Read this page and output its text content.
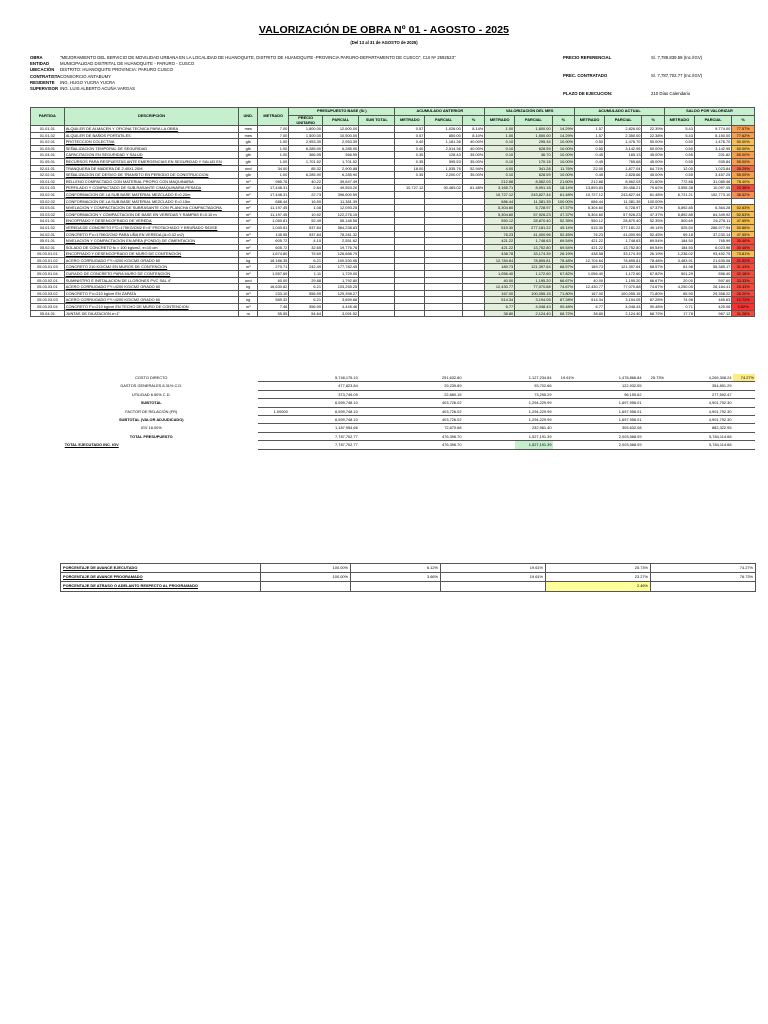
VALORIZACIÓN DE OBRA Nº 01 - AGOSTO - 2025
(Del 13 al 31 de AGOSTO de 2025)
OBRA	"MEJORAMIENTO DEL SERVICIO DE MOVILIDAD URBANA EN LA LOCALIDAD DE HUANOQUITE, DISTRITO DE HUANOQUITE -PROVINCIA PARURO-DEPARTAMENTO DE CUSCO", CUI Nº 2592523"
ENTIDAD	MUNICIPALIDAD DISTRITAL DE HUANOQUITE - PARURO - CUSCO
UBICACIÓN DISTRITO: HUANOQUITE PROVINCIA: PARURO CUSCO
CONTRATISTACONSORCIO ANTABUMY
RESIDENTE ING. HUGO YUCRA YUCRA
SUPERVISOR ING. LUIS ALBERTO ACUÑA VARGAS
PRECIO REFERENCIAL	S/. 7,789,839.58 (Inc./IGV)
PREC. CONTRATADO	S/. 7,787,702.77 (Inc./IGV)
PLAZO DE EJECUCION:	210 Días Calendario
PARTIDA	DESCRIPCIÓN	UND.	METRADO	PRESUPUESTO BASE (S/.)			ACUMULADO ANTERIOR			VALORIZACIÓN DEL MES			ACUMULADO ACTUAL			SALDO POR VALORIZAR		
				PRECIO UNITARIO	PARCIAL	SUB TOTAL	METRADO	PARCIAL	%	METRADO	PARCIAL	%	METRADO	PARCIAL	%	METRADO	PARCIAL	%
01.01.01	ALQUILER DE ALMACEN Y OFICINA TECNICA PARA LA OBRA	mes	7.00	1,800.00	12,600.00		0.57	1,026.00	8.14%	1.00	1,800.00	14.29%	1.57	2,826.00	22.39%	5.43	9,774.00	77.57%
01.01.02	ALQUILER DE BAÑOS PORTATILES	mes	7.00	1,500.00	10,500.00		0.57	850.00	8.10%	1.00	1,500.00	14.29%	1.57	2,350.00	22.38%	5.43	8,150.00	77.62%
01.02.01	PROTECCION COLECTIVA	glb	1.00	2,953.39	2,953.39		0.40	1,181.36	40.00%	0.10	295.34	10.00%	0.50	1,476.70	50.00%	0.50	1,476.70	50.00%
01.03.01	SEÑALIZACION TEMPORAL DE SEGURIDAD	glb	1.00	6,285.90	6,285.90		0.40	2,514.36	40.00%	0.10	628.59	10.00%	0.50	3,142.95	50.00%	0.50	3,142.95	50.00%
01.04.01	CAPACITACION EN SEGURIDAD Y SALUD	glb	1.00	366.95	366.95		0.35	128.43	35.00%	0.10	36.70	10.00%	0.45	165.13	45.00%	0.55	201.82	55.00%
01.05.01	RECURSOS PARA RESPUESTAS ANTE EMERGENCIAS EN SEGURIDAD Y SALUD EN	glb	1.00	1,701.52	1,701.52		0.35	595.53	35.00%	0.10	170.15	10.00%	0.45	765.68	45.00%	0.55	935.84	55.00%
02.01.01	TRANQUERA DE MADERA DE 2.40X1.20M	und	34.00	85.32	2,900.88		18.00	1,535.76	52.94%	4.00	341.28	11.76%	22.00	1,877.04	64.71%	12.00	1,023.84	35.29%
02.02.01	SEÑALIZACION DE DESVIO DE TRANSITO EN PERIODO DE CONSTRUCCION	glb	1.00	6,285.90	6,285.90		0.35	2,200.07	35.00%	0.10	628.59	10.00%	0.45	2,828.66	45.00%	0.55	3,457.25	55.00%
03.01.02	RELLENO COMPACTADO CON MATERIAL PROPIO CON MAQUINARIA	m³	985.76	40.22	39,647.49					212.88	8,562.03	21.60%	212.88	8,562.03	21.60%	772.88	31,085.46	78.40%
03.01.03	PERFILADO Y COMPACTADO DE SUB-RASANTE C/MAQUINARIA PESADA	m²	17,448.31	2.84	49,553.20		10,727.12	30,465.02	61.48%	3,165.71	8,991.18	18.14%	13,893.83	39,456.21	79.62%	3,555.38	10,097.05	20.38%
03.02.01	CONFORMACION DE LA SUB BASE MATERIAL MEZCLADO E=0.20m	m²	17,448.31	22.73	396,600.59					10,727.12	243,827.44	61.48%	10,727.12	243,827.44	61.48%	6,721.21	152,773.10	38.52%
03.02.02	CONFORMACION DE LA SUB BASE MATERIAL MEZCLADO E=0.15m	m²	686.44	16.59	11,381.39					686.44	11,381.39	100.00%	686.44	11,381.39	100.00%			
03.03.01	NIVELACION Y COMPACTACION DE SUBRASANTE CON PLANCHA COMPACTADORA	m²	11,197.45	1.08	12,093.25					5,304.60	5,728.97	47.37%	5,304.60	5,728.97	47.37%	5,892.85	6,364.28	52.63%
03.03.02	CONFORMACION Y COMPACTACION DE BASE EN VEREDAS Y RAMPAS E=0.10 m	m²	11,197.45	10.92	122,276.15					5,304.60	57,926.23	47.37%	5,304.60	57,926.23	47.37%	5,892.85	64,349.92	52.63%
04.01.01	ENCOFRADO Y DESENCOFRADO DE VEREDA	m²	1,050.81	52.49	55,146.55					550.12	28,870.40	52.35%	550.12	28,870.40	52.35%	500.69	26,276.11	47.65%
04.01.02	VEREDA DE CONCRETO F'C=175KG/CM2 E=4" FROTACHADO Y BRUÑADO S/DISE	m²	1,040.81	537.84	564,238.83					515.30	277,181.22	49.14%	515.30	277,181.22	49.14%	525.50	286,977.94	50.86%
04.02.01	CONCRETO F'c=175KG/CM2 PARA UÑA EN VEREDA (A=0.02 m2)	m³	145.55	537.84	78,281.32					76.23	41,000.96	52.45%	76.23	41,000.96	52.45%	69.18	37,230.14	47.55%
05.01.01	NIVELACION Y COMPACTACION EN AREA (FONDO) DE CIMENTACION	m²	605.72	4.15	2,551.62					421.22	1,748.63	69.54%	421.22	1,748.63	69.54%	184.50	765.99	30.46%
05.02.01	SOLADO DE CONCRETO fc = 100 kg/cm2, e=10 cm	m²	605.72	32.65	19,776.76					421.22	13,752.80	69.54%	421.22	13,752.80	69.54%	184.50	6,023.96	30.46%
05.03.01.01	ENCOFRADO Y DESENCOFRADO DE MURO DE CONTENCION	m²	1,674.80	75.69	126,688.79					438.78	33,174.39	26.19%	438.58	33,174.39	26.19%	1,236.02	93,492.75	73.81%
05.03.01.02	ACERO CORRUGADO FY=4200 KG/CM2 GRADO 60	kg	16,186.35	6.21	100,530.96					12,784.64	78,895.81	78.48%	12,704.64	78,895.81	78.48%	3,483.91	21,635.08	21.52%
05.03.01.03	CONCRETO 210 KG/CM2 EN MUROS DE CONTENCION	m³	270.71	242.49	177,782.45					189.73	121,397.64	68.57%	189.73	121,397.64	68.57%	81.98	55,385.17	31.43%
05.03.01.04	CURADO DE CONCRETO PARA MURO DE CONTENCION	m²	1,557.69	1.11	1,729.00					1,056.40	1,172.60	67.82%	1,056.40	1,172.60	67.82%	501.29	556.40	32.18%
05.03.02.01	SUMINISTRO E INSTALACION DE LLORONES PVC SAL 4"	und	60.00	29.88	1,792.80					40.00	1,195.20	66.67%	40.00	1,195.20	66.67%	20.00	597.60	33.33%
05.03.03.01	ACERO CORRUGADO FY=4200 KG/CM2 GRADO 60	kg	16,630.82	6.21	103,255.25					12,430.77	77,070.88	74.67%	12,430.77	77,070.88	74.67%	4,250.05	26,184.41	25.33%
05.03.03.02	CONCRETO F'c=210 kg/cm EN ZAPATA	m³	233.10	556.99	129,398.27					167.00	100,055.15	71.80%	167.00	100,055.15	71.80%	65.90	29,358.22	28.20%
05.03.03.03	ACERO CORRUGADO FY=4200 KG/CM2 GRADO 60	kg	589.32	6.21	3,659.68					514.34	3,194.05	87.28%	514.34	3,194.05	87.28%	74.98	465.63	12.72%
05.03.03.04	CONCRETO F'c=210 kg/cm EN TECHO DE MURO DE CONTENCION	m³	7.46	556.99	4,445.46					6.77	4,048.43	90.48%	6.77	4,048.43	90.48%	0.71	425.06	9.52%
05.04.01	JUNTAS DE DILATACION e=1"	m	55.55	54.64	3,091.52					38.80	2,124.40	68.72%	38.80	2,124.40	68.72%	17.78	967.12	31.28%
	COSTO DIRECTO				5,748,175.10			251,632.80			1,127,234.84	19.61%		1,478,866.84	25.73%		4,269,308.24	74.27%
	GASTOS GENERALES 8.31% C.D.				477,823.84			29,239.89			93,702.66			122,932.55			354,891.29	
	UTILIDAD 6.50% C.D.				373,749.09			22,880.15			73,295.29			96,155.62			277,592.47	
	SUBTOTAL				6,599,748.10			403,726.02			1,294,229.99			1,697,956.01			4,901,792.30	
	FACTOR DE RELACIÓN (FR)		1.00000		6,599,748.10			403,726.02			1,294,229.99			1,697,956.01			4,901,792.30	
	SUBTOTAL (VALOR ADJUDICADO)				6,599,748.10			403,726.02			1,294,229.99			1,697,956.01			4,901,792.30	
	IGV 18.00%				1,187,954.66			72,670.68			232,961.40			305,632.08			882,322.95	
	TOTAL PRESUPUESTO				7,787,702.77			476,396.70			1,527,191.39			2,003,588.09			5,784,114.68	
	TOTAL EJECUTADO INC. IGV				7,787,702.77			476,396.70			1,527,191.39			2,003,588.09			5,784,114.68	
PORCENTAJE DE AVANCE EJECUTADO	100.00%	6.12%	19.61%	25.73%	74.27%
PORCENTAJE DE AVANCE PROGRAMADO	100.00%	3.66%	19.61%	23.27%	76.73%
PORCENTAJE DE ATRASO O ADELANTO RESPECTO AL PROGRAMADO				2.46%	
